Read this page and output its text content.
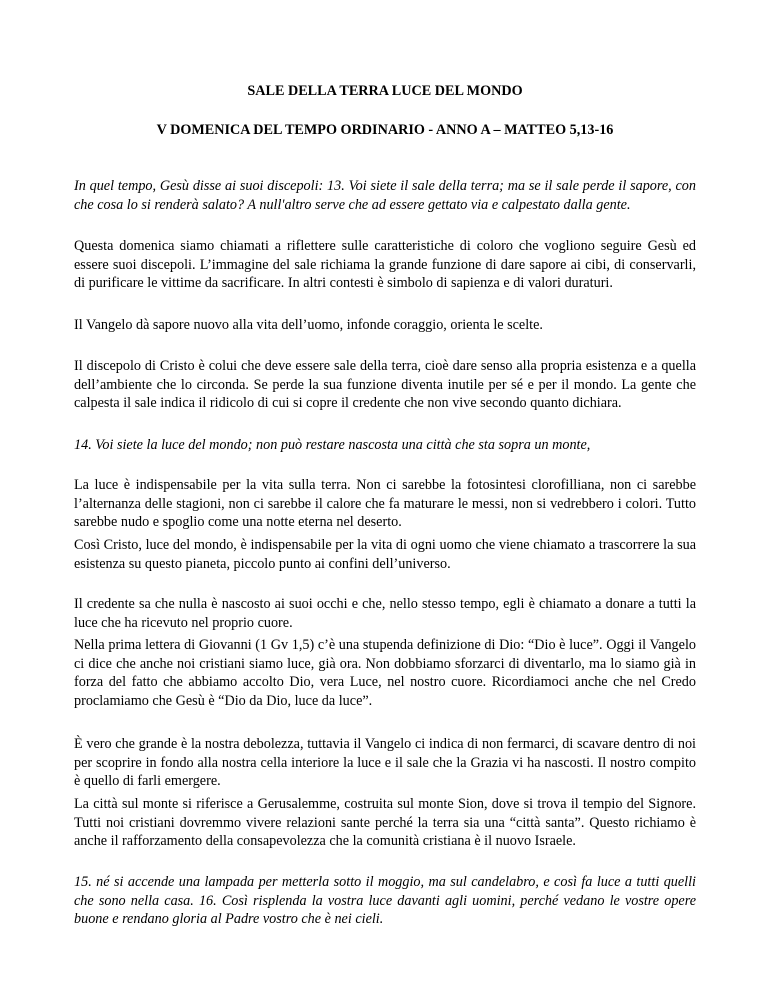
SALE DELLA TERRA LUCE DEL MONDO
V DOMENICA DEL TEMPO ORDINARIO - ANNO A – MATTEO 5,13-16

In quel tempo, Gesù disse ai suoi discepoli: 13. Voi siete il sale della terra; ma se il sale perde il sapore, con che cosa lo si renderà salato? A null'altro serve che ad essere gettato via e calpestato dalla gente.

Questa domenica siamo chiamati a riflettere sulle caratteristiche di coloro che vogliono seguire Gesù ed essere suoi discepoli. L’immagine del sale richiama la grande funzione di dare sapore ai cibi, di conservarli, di purificare le vittime da sacrificare. In altri contesti è simbolo di sapienza e di valori duraturi.

Il Vangelo dà sapore nuovo alla vita dell’uomo, infonde coraggio, orienta le scelte.

Il discepolo di Cristo è colui che deve essere sale della terra, cioè dare senso alla propria esistenza e a quella dell’ambiente che lo circonda. Se perde la sua funzione diventa inutile per sé e per il mondo. La gente che calpesta il sale indica il ridicolo di cui si copre il credente che non vive secondo quanto dichiara.

14. Voi siete la luce del mondo; non può restare nascosta una città che sta sopra un monte,

La luce è indispensabile per la vita sulla terra. Non ci sarebbe la fotosintesi clorofilliana, non ci sarebbe l’alternanza delle stagioni, non ci sarebbe il calore che fa maturare le messi, non si vedrebbero i colori. Tutto sarebbe nudo e spoglio come una notte eterna nel deserto.

Così Cristo, luce del mondo, è indispensabile per la vita di ogni uomo che viene chiamato a trascorrere la sua esistenza su questo pianeta, piccolo punto ai confini dell’universo.

Il credente sa che nulla è nascosto ai suoi occhi e che, nello stesso tempo, egli è chiamato a donare a tutti la luce che ha ricevuto nel proprio cuore.

Nella prima lettera di Giovanni (1 Gv 1,5) c’è una stupenda definizione di Dio: “Dio è luce”. Oggi il Vangelo ci dice che anche noi cristiani siamo luce, già ora. Non dobbiamo sforzarci di diventarlo, ma lo siamo già in forza del fatto che abbiamo accolto Dio, vera Luce, nel nostro cuore. Ricordiamoci anche che nel Credo proclamiamo che Gesù è “Dio da Dio, luce da luce”.

È vero che grande è la nostra debolezza, tuttavia il Vangelo ci indica di non fermarci, di scavare dentro di noi per scoprire in fondo alla nostra cella interiore la luce e il sale che la Grazia vi ha nascosti. Il nostro compito è quello di farli emergere.

La città sul monte si riferisce a Gerusalemme, costruita sul monte Sion, dove si trova il tempio del Signore. Tutti noi cristiani dovremmo vivere relazioni sante perché la terra sia una “città santa”. Questo richiamo è anche il rafforzamento della consapevolezza che la comunità cristiana è il nuovo Israele.

15. né si accende una lampada per metterla sotto il moggio, ma sul candelabro, e così fa luce a tutti quelli che sono nella casa. 16. Così risplenda la vostra luce davanti agli uomini, perché vedano le vostre opere buone e rendano gloria al Padre vostro che è nei cieli.
